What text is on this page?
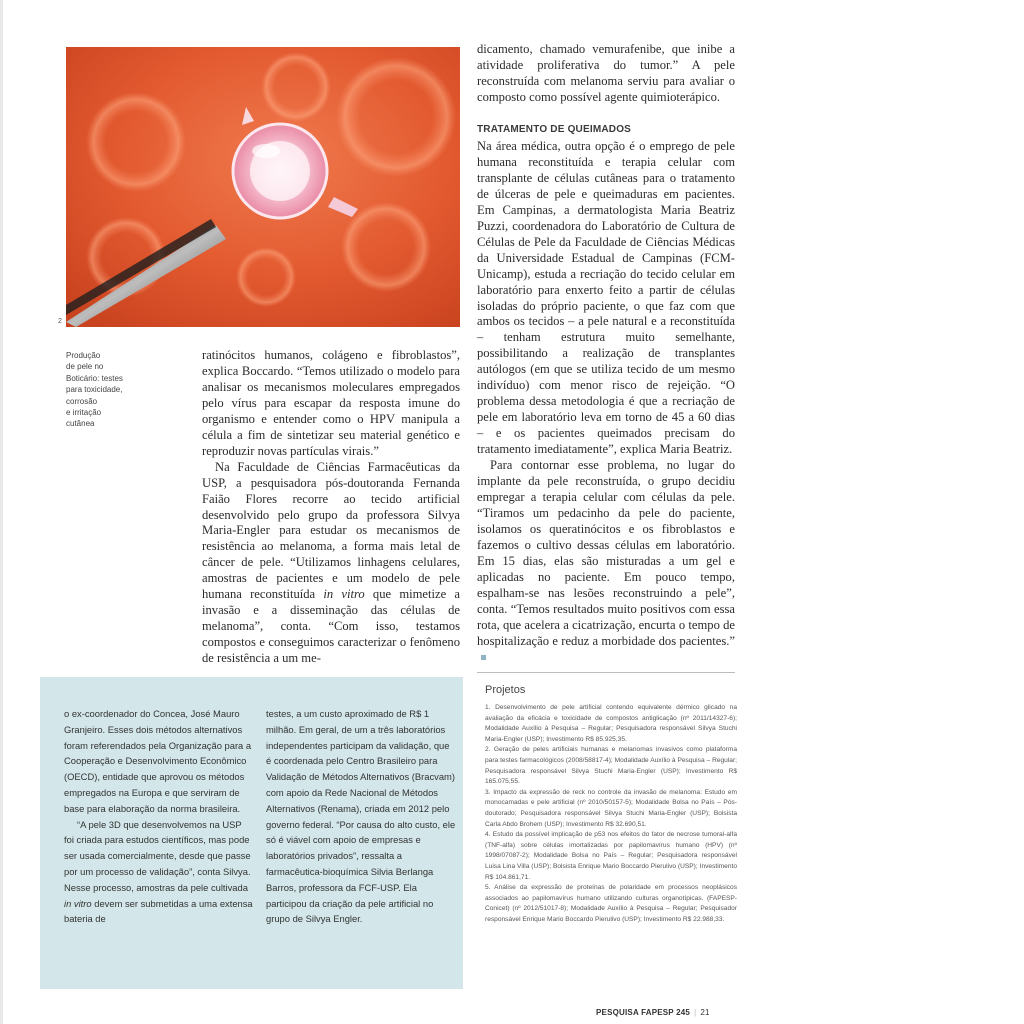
2
Produção
de pele no
Boticário: testes
para toxicidade,
corrosão
e irritação
cutânea
ratinócitos humanos, colágeno e fibroblastos”, explica Boccardo. “Temos utilizado o modelo para analisar os mecanismos moleculares empregados pelo vírus para escapar da resposta imune do organismo e entender como o HPV manipula a célula a fim de sintetizar seu material genético e reproduzir novas partículas virais.”
Na Faculdade de Ciências Farmacêuticas da USP, a pesquisadora pós-doutoranda Fernanda Faião Flores recorre ao tecido artificial desenvolvido pelo grupo da professora Silvya Maria-Engler para estudar os mecanismos de resistência ao melanoma, a forma mais letal de câncer de pele. “Utilizamos linhagens celulares, amostras de pacientes e um modelo de pele humana reconstituída in vitro que mimetize a invasão e a disseminação das células de melanoma”, conta. “Com isso, testamos compostos e conseguimos caracterizar o fenômeno de resistência a um me-
dicamento, chamado vemurafenibe, que inibe a atividade proliferativa do tumor.” A pele reconstruída com melanoma serviu para avaliar o composto como possível agente quimioterápico.
TRATAMENTO DE QUEIMADOS
Na área médica, outra opção é o emprego de pele humana reconstituída e terapia celular com transplante de células cutâneas para o tratamento de úlceras de pele e queimaduras em pacientes. Em Campinas, a dermatologista Maria Beatriz Puzzi, coordenadora do Laboratório de Cultura de Células de Pele da Faculdade de Ciências Médicas da Universidade Estadual de Campinas (FCM-Unicamp), estuda a recriação do tecido celular em laboratório para enxerto feito a partir de células isoladas do próprio paciente, o que faz com que ambos os tecidos – a pele natural e a reconstituída – tenham estrutura muito semelhante, possibilitando a realização de transplantes autólogos (em que se utiliza tecido de um mesmo indivíduo) com menor risco de rejeição. “O problema dessa metodologia é que a recriação de pele em laboratório leva em torno de 45 a 60 dias – e os pacientes queimados precisam do tratamento imediatamente”, explica Maria Beatriz.
Para contornar esse problema, no lugar do implante da pele reconstruída, o grupo decidiu empregar a terapia celular com células da pele. “Tiramos um pedacinho da pele do paciente, isolamos os queratinócitos e os fibroblastos e fazemos o cultivo dessas células em laboratório. Em 15 dias, elas são misturadas a um gel e aplicadas no paciente. Em pouco tempo, espalham-se nas lesões reconstruindo a pele”, conta. “Temos resultados muito positivos com essa rota, que acelera a cicatrização, encurta o tempo de hospitalização e reduz a morbidade dos pacientes.”

o ex-coordenador do Concea, José Mauro Granjeiro. Esses dois métodos alternativos foram referendados pela Organização para a Cooperação e Desenvolvimento Econômico (OECD), entidade que aprovou os métodos empregados na Europa e que serviram de base para elaboração da norma brasileira.

“A pele 3D que desenvolvemos na USP foi criada para estudos científicos, mas pode ser usada comercialmente, desde que passe por um processo de validação”, conta Silvya. Nesse processo, amostras da pele cultivada in vitro devem ser submetidas a uma extensa bateria de

testes, a um custo aproximado de R$ 1 milhão. Em geral, de um a três laboratórios independentes participam da validação, que é coordenada pelo Centro Brasileiro para Validação de Métodos Alternativos (Bracvam) com apoio da Rede Nacional de Métodos Alternativos (Renama), criada em 2012 pelo governo federal. “Por causa do alto custo, ele só é viável com apoio de empresas e laboratórios privados”, ressalta a farmacêutica-bioquímica Silvia Berlanga Barros, professora da FCF-USP. Ela participou da criação da pele artificial no grupo de Silvya Engler.

Projetos
1. Desenvolvimento de pele artificial contendo equivalente dérmico glicado na avaliação da eficácia e toxicidade de compostos antiglicação (nº 2011/14327-6); Modalidade Auxílio à Pesquisa – Regular; Pesquisadora responsável Silvya Stuchi Maria-Engler (USP); Investimento R$ 85.925,35.
2. Geração de peles artificiais humanas e melanomas invasivos como plataforma para testes farmacológicos (2008/58817-4); Modalidade Auxílio à Pesquisa – Regular; Pesquisadora responsável Silvya Stuchi Maria-Engler (USP); Investimento R$ 165.075,55.
3. Impacto da expressão de reck no controle da invasão de melanoma: Estudo em monocamadas e pele artificial (nº 2010/50157-5); Modalidade Bolsa no País – Pós-doutorado; Pesquisadora responsável Silvya Stuchi Maria-Engler (USP); Bolsista Carla Abdo Brohem (USP); Investimento R$ 32.690,51.
4. Estudo da possível implicação de p53 nos efeitos do fator de necrose tumoral-alfa (TNF-alfa) sobre células imortalizadas por papilomavírus humano (HPV) (nº 1998/07087-2); Modalidade Bolsa no País – Regular; Pesquisadora responsável Luisa Lina Villa (USP); Bolsista Enrique Mario Boccardo Pierulivo (USP); Investimento R$ 104.861,71.
5. Análise da expressão de proteínas de polaridade em processos neoplásicos associados ao papilomavírus humano utilizando culturas organotípicas. (FAPESP-Conicet) (nº 2012/51017-8); Modalidade Auxílio à Pesquisa – Regular; Pesquisador responsável Enrique Mario Boccardo Pierulivo (USP); Investimento R$ 22.988,33.
PESQUISA FAPESP 245 | 21
